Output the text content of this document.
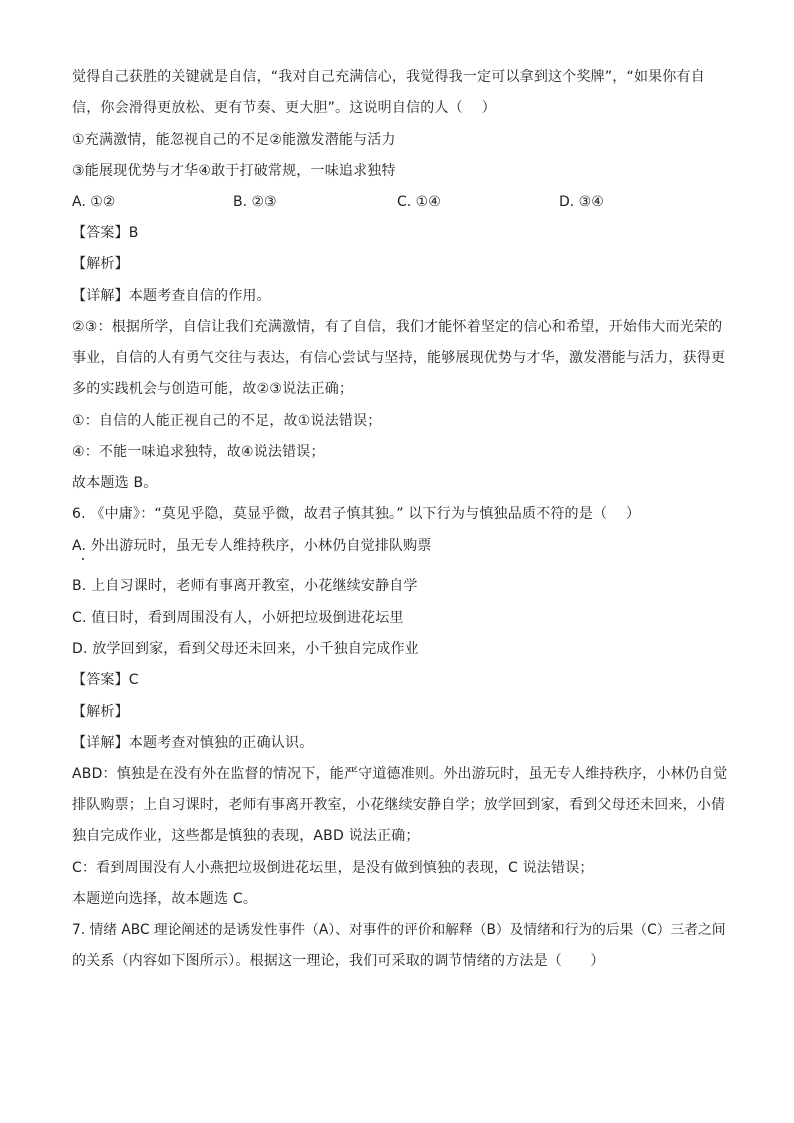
觉得自己获胜的关键就是自信，“我对自己充满信心，我觉得我一定可以拿到这个奖牌”，“如果你有自
信，你会滑得更放松、更有节奏、更大胆”。这说明自信的人（　 ）
①充满激情，能忽视自己的不足②能激发潜能与活力
③能展现优势与才华④敢于打破常规，一味追求独特
A. ①②	B. ②③	C. ①④	D. ③④
【答案】B
【解析】
【详解】本题考查自信的作用。
②③：根据所学，自信让我们充满激情，有了自信，我们才能怀着坚定的信心和希望，开始伟大而光荣的
事业，自信的人有勇气交往与表达，有信心尝试与坚持，能够展现优势与才华，激发潜能与活力，获得更
多的实践机会与创造可能，故②③说法正确；
①：自信的人能正视自己的不足，故①说法错误；
④：不能一味追求独特，故④说法错误；
故本题选 B。
6. 《中庸》：“莫见乎隐，莫显乎微，故君子慎其独。” 以下行为与慎独品质不符的是（　 ）
A. 外出游玩时，虽无专人维持秩序，小林仍自觉排队购票
B. 上自习课时，老师有事离开教室，小花继续安静自学
C. 值日时，看到周围没有人，小妍把垃圾倒进花坛里
D. 放学回到家，看到父母还未回来，小千独自完成作业
【答案】C
【解析】
【详解】本题考查对慎独的正确认识。
ABD：慎独是在没有外在监督的情况下，能严守道德准则。外出游玩时，虽无专人维持秩序，小林仍自觉
排队购票；上自习课时，老师有事离开教室，小花继续安静自学；放学回到家，看到父母还未回来，小倩
独自完成作业，这些都是慎独的表现，ABD 说法正确；
C：看到周围没有人小燕把垃圾倒进花坛里，是没有做到慎独的表现，C 说法错误；
本题逆向选择，故本题选 C。
7. 情绪 ABC 理论阐述的是诱发性事件（A）、对事件的评价和解释（B）及情绪和行为的后果（C）三者之间
的关系（内容如下图所示）。根据这一理论，我们可采取的调节情绪的方法是（　　）
